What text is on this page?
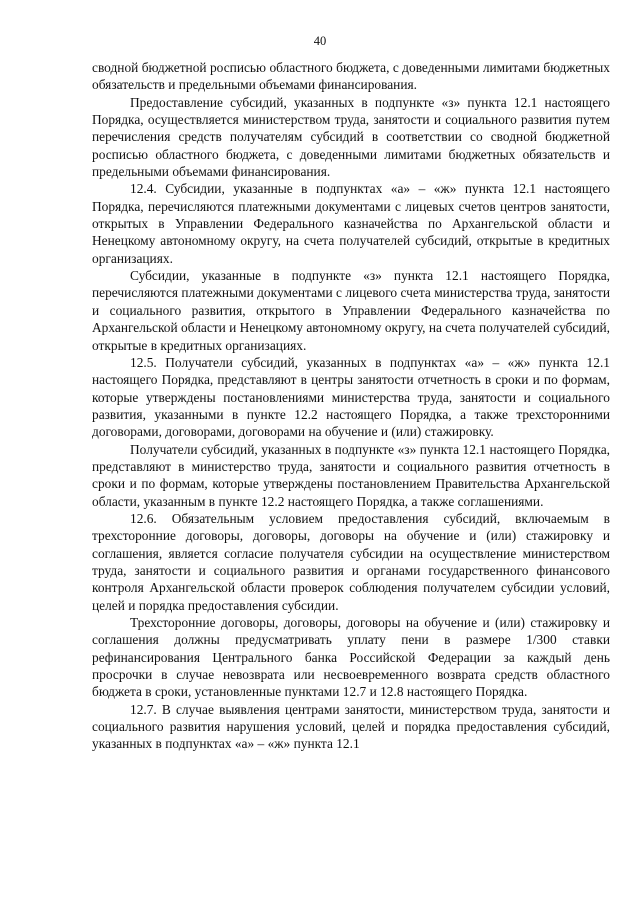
40

сводной бюджетной росписью областного бюджета, с доведенными лимитами бюджетных обязательств и предельными объемами финансирования.

Предоставление субсидий, указанных в подпункте «з» пункта 12.1 настоящего Порядка, осуществляется министерством труда, занятости и социального развития путем перечисления средств получателям субсидий в соответствии со сводной бюджетной росписью областного бюджета, с доведенными лимитами бюджетных обязательств и предельными объемами финансирования.

12.4. Субсидии, указанные в подпунктах «а» – «ж» пункта 12.1 настоящего Порядка, перечисляются платежными документами с лицевых счетов центров занятости, открытых в Управлении Федерального казначейства по Архангельской области и Ненецкому автономному округу, на счета получателей субсидий, открытые в кредитных организациях.

Субсидии, указанные в подпункте «з» пункта 12.1 настоящего Порядка, перечисляются платежными документами с лицевого счета министерства труда, занятости и социального развития, открытого в Управлении Федерального казначейства по Архангельской области и Ненецкому автономному округу, на счета получателей субсидий, открытые в кредитных организациях.

12.5. Получатели субсидий, указанных в подпунктах «а» – «ж» пункта 12.1 настоящего Порядка, представляют в центры занятости отчетность в сроки и по формам, которые утверждены постановлениями министерства труда, занятости и социального развития, указанными в пункте 12.2 настоящего Порядка, а также трехсторонними договорами, договорами, договорами на обучение и (или) стажировку.

Получатели субсидий, указанных в подпункте «з» пункта 12.1 настоящего Порядка, представляют в министерство труда, занятости и социального развития отчетность в сроки и по формам, которые утверждены постановлением Правительства Архангельской области, указанным в пункте 12.2 настоящего Порядка, а также соглашениями.

12.6. Обязательным условием предоставления субсидий, включаемым в трехсторонние договоры, договоры, договоры на обучение и (или) стажировку и соглашения, является согласие получателя субсидии на осуществление министерством труда, занятости и социального развития и органами государственного финансового контроля Архангельской области проверок соблюдения получателем субсидии условий, целей и порядка предоставления субсидии.

Трехсторонние договоры, договоры, договоры на обучение и (или) стажировку и соглашения должны предусматривать уплату пени в размере 1/300 ставки рефинансирования Центрального банка Российской Федерации за каждый день просрочки в случае невозврата или несвоевременного возврата средств областного бюджета в сроки, установленные пунктами 12.7 и 12.8 настоящего Порядка.

12.7. В случае выявления центрами занятости, министерством труда, занятости и социального развития нарушения условий, целей и порядка предоставления субсидий, указанных в подпунктах «а» – «ж» пункта 12.1
